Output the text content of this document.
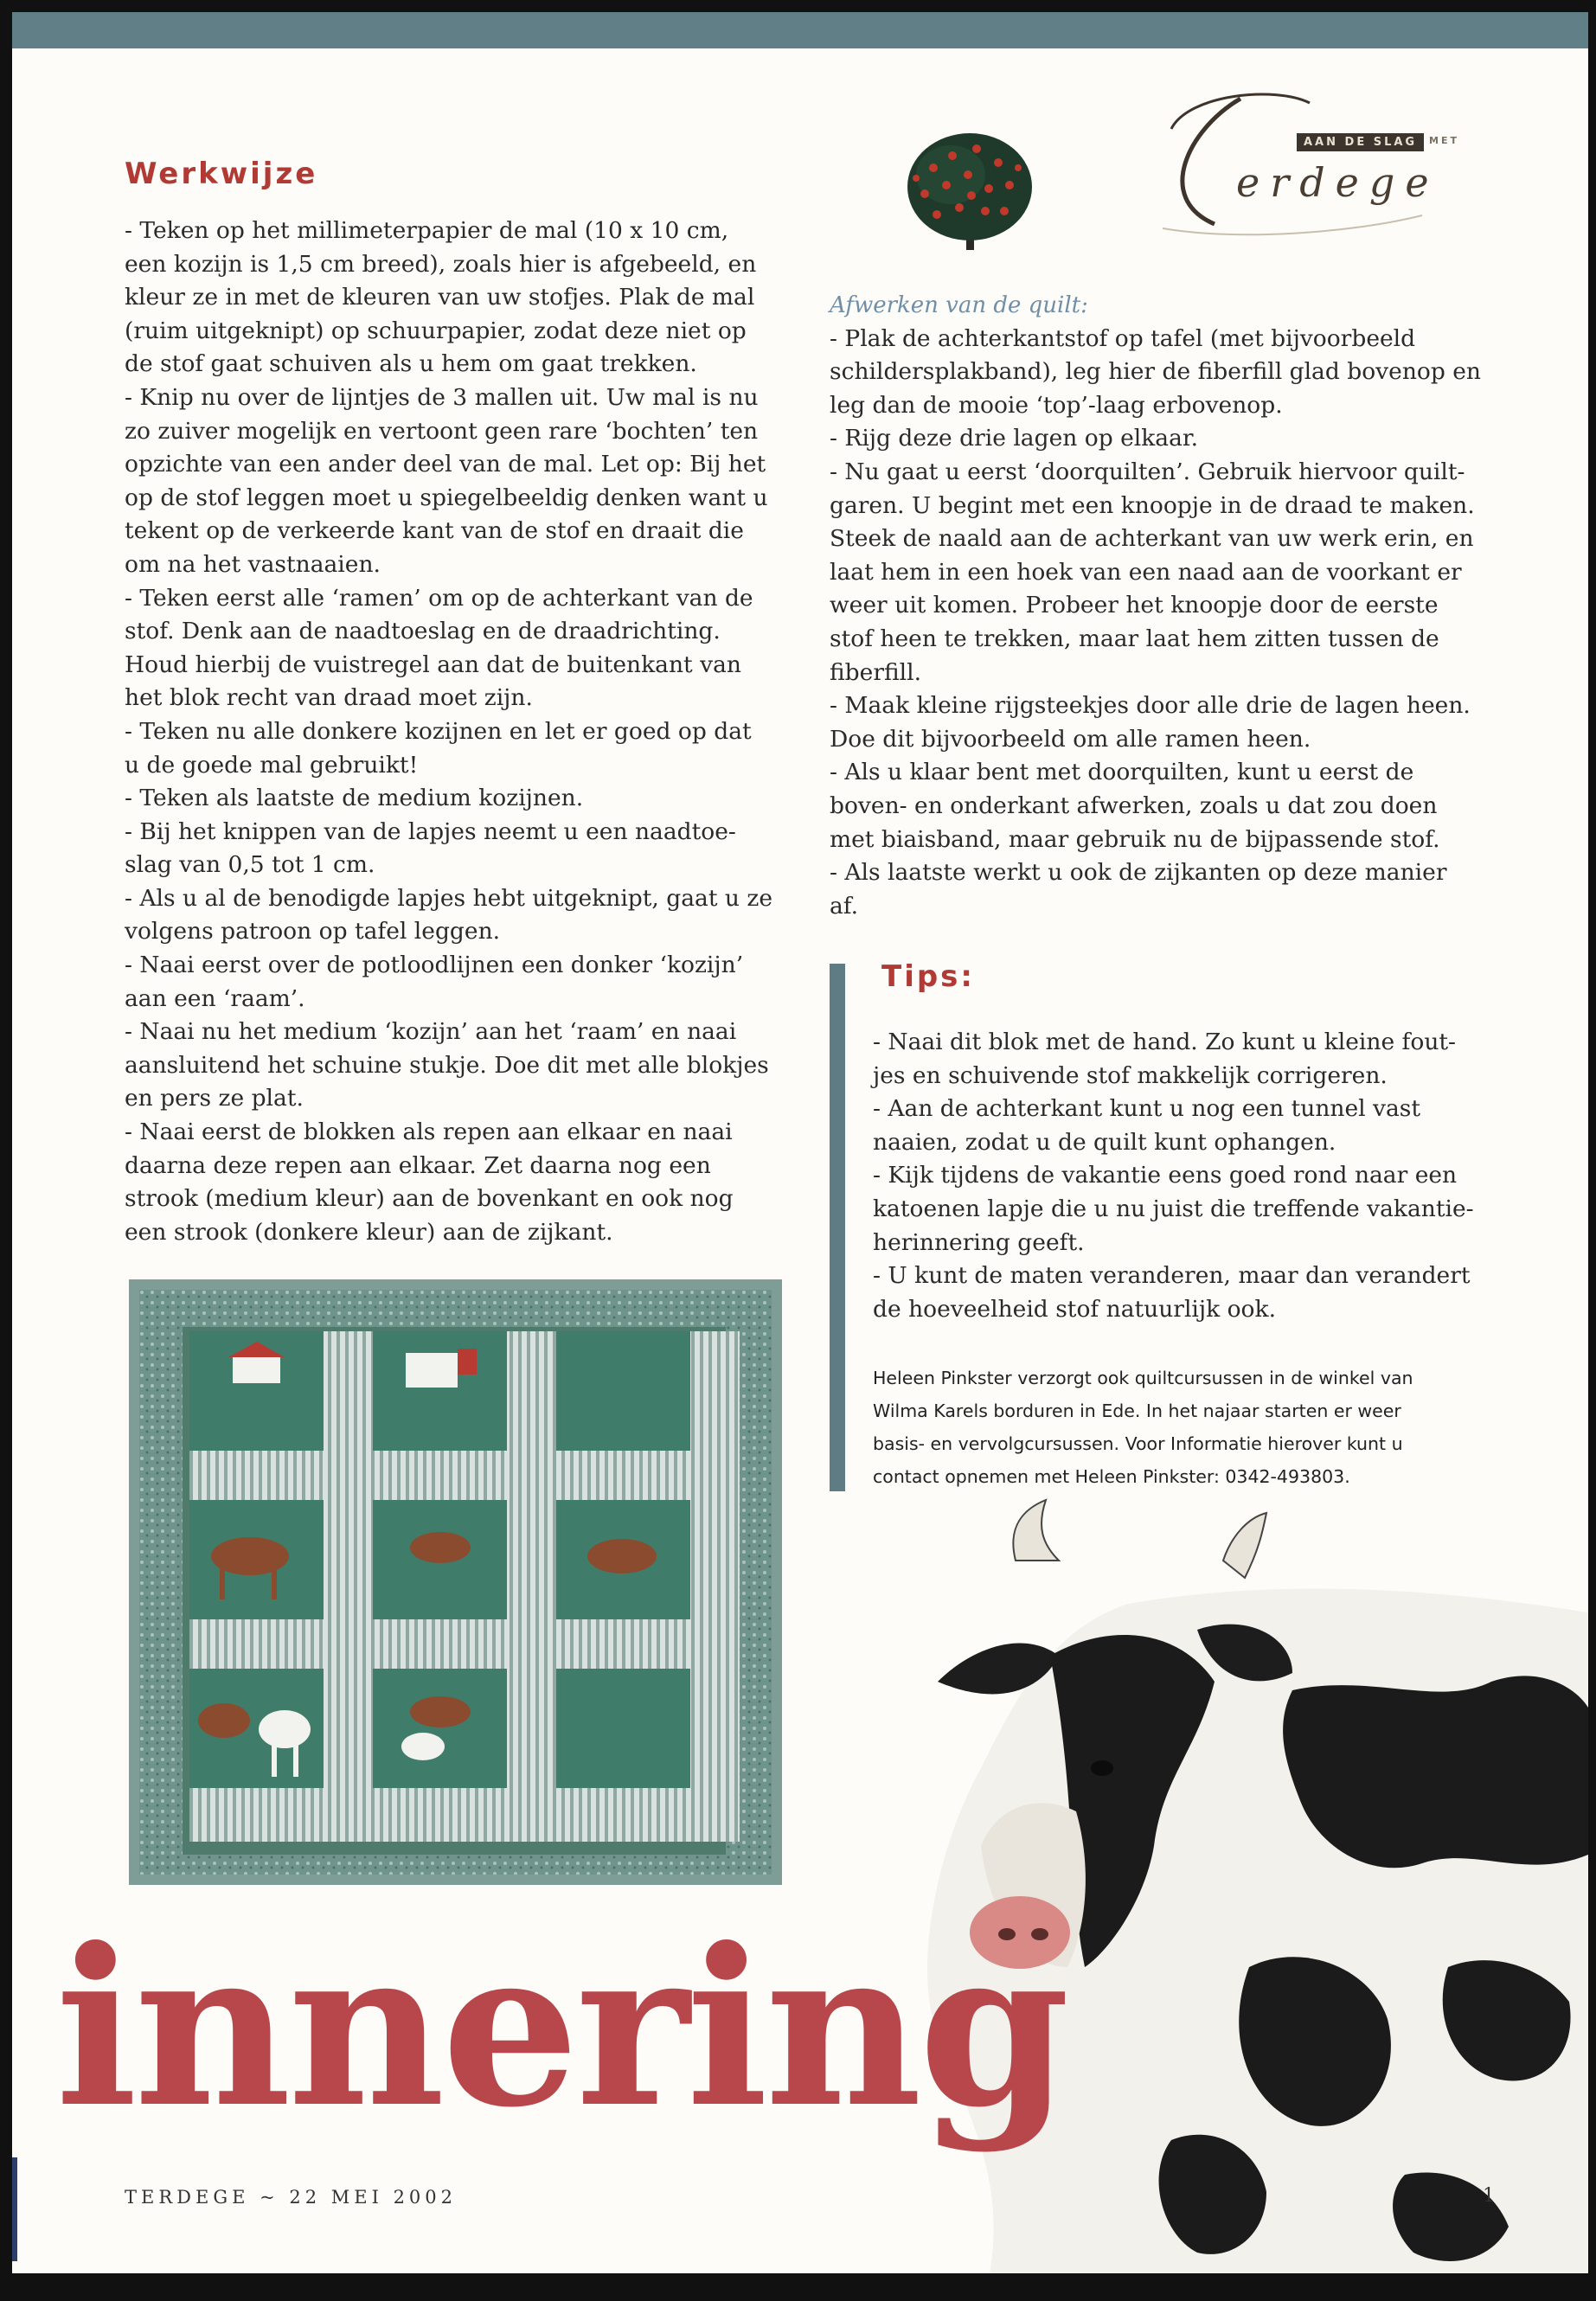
AAN DE SLAG	MET
erdege
Werkwijze

- Teken op het millimeterpapier de mal (10 x 10 cm,

een kozijn is 1,5 cm breed), zoals hier is afgebeeld, en

kleur ze in met de kleuren van uw stofjes. Plak de mal

(ruim uitgeknipt) op schuurpapier, zodat deze niet op

de stof gaat schuiven als u hem om gaat trekken.

- Knip nu over de lijntjes de 3 mallen uit. Uw mal is nu

zo zuiver mogelijk en vertoont geen rare ‘bochten’ ten

opzichte van een ander deel van de mal. Let op: Bij het

op de stof leggen moet u spiegelbeeldig denken want u

tekent op de verkeerde kant van de stof en draait die

om na het vastnaaien.

- Teken eerst alle ‘ramen’ om op de achterkant van de

stof. Denk aan de naadtoeslag en de draadrichting.

Houd hierbij de vuistregel aan dat de buitenkant van

het blok recht van draad moet zijn.

- Teken nu alle donkere kozijnen en let er goed op dat

u de goede mal gebruikt!

- Teken als laatste de medium kozijnen.

- Bij het knippen van de lapjes neemt u een naadtoe-

slag van 0,5 tot 1 cm.

- Als u al de benodigde lapjes hebt uitgeknipt, gaat u ze

volgens patroon op tafel leggen.

- Naai eerst over de potloodlijnen een donker ‘kozijn’

aan een ‘raam’.

- Naai nu het medium ‘kozijn’ aan het ‘raam’ en naai

aansluitend het schuine stukje. Doe dit met alle blokjes

en pers ze plat.

- Naai eerst de blokken als repen aan elkaar en naai

daarna deze repen aan elkaar. Zet daarna nog een

strook (medium kleur) aan de bovenkant en ook nog

een strook (donkere kleur) aan de zijkant.

Afwerken van de quilt:

- Plak de achterkantstof op tafel (met bijvoorbeeld

schildersplakband), leg hier de fiberfill glad bovenop en

leg dan de mooie ‘top’-laag erbovenop.

- Rijg deze drie lagen op elkaar.

- Nu gaat u eerst ‘doorquilten’. Gebruik hiervoor quilt-

garen. U begint met een knoopje in de draad te maken.

Steek de naald aan de achterkant van uw werk erin, en

laat hem in een hoek van een naad aan de voorkant er

weer uit komen. Probeer het knoopje door de eerste

stof heen te trekken, maar laat hem zitten tussen de

fiberfill.

- Maak kleine rijgsteekjes door alle drie de lagen heen.

Doe dit bijvoorbeeld om alle ramen heen.

- Als u klaar bent met doorquilten, kunt u eerst de

boven- en onderkant afwerken, zoals u dat zou doen

met biaisband, maar gebruik nu de bijpassende stof.

- Als laatste werkt u ook de zijkanten op deze manier

af.

Tips:

- Naai dit blok met de hand. Zo kunt u kleine fout-

jes en schuivende stof makkelijk corrigeren.

- Aan de achterkant kunt u nog een tunnel vast

naaien, zodat u de quilt kunt ophangen.

- Kijk tijdens de vakantie eens goed rond naar een

katoenen lapje die u nu juist die treffende vakantie-

herinnering geeft.

- U kunt de maten veranderen, maar dan verandert

de hoeveelheid stof natuurlijk ook.

Heleen Pinkster verzorgt ook quiltcursussen in de winkel van

Wilma Karels borduren in Ede. In het najaar starten er weer

basis- en vervolgcursussen. Voor Informatie hierover kunt u

contact opnemen met Heleen Pinkster: 0342-493803.

innering
TERDEGE ~ 22 MEI 2002	1
